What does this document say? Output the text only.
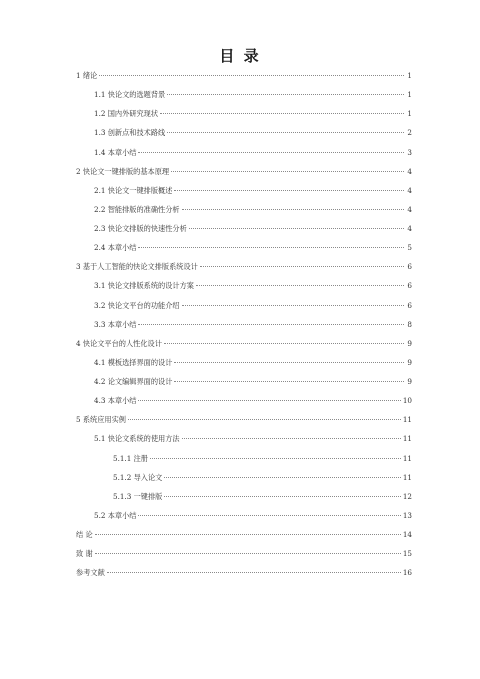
目 录
1 绪论	1
1.1 快论文的选题背景	1
1.2 国内外研究现状	1
1.3 创新点和技术路线	2
1.4 本章小结	3
2 快论文一键排版的基本原理	4
2.1 快论文一键排版概述	4
2.2 智能排版的准确性分析	4
2.3 快论文排版的快速性分析	4
2.4 本章小结	5
3 基于人工智能的快论文排版系统设计	6
3.1 快论文排版系统的设计方案	6
3.2 快论文平台的功能介绍	6
3.3 本章小结	8
4 快论文平台的人性化设计	9
4.1 模板选择界面的设计	9
4.2 论文编辑界面的设计	9
4.3 本章小结	10
5 系统应用实例	11
5.1 快论文系统的使用方法	11
5.1.1 注册	11
5.1.2 导入论文	11
5.1.3 一键排版	12
5.2 本章小结	13
结 论	14
致 谢	15
参考文献	16
